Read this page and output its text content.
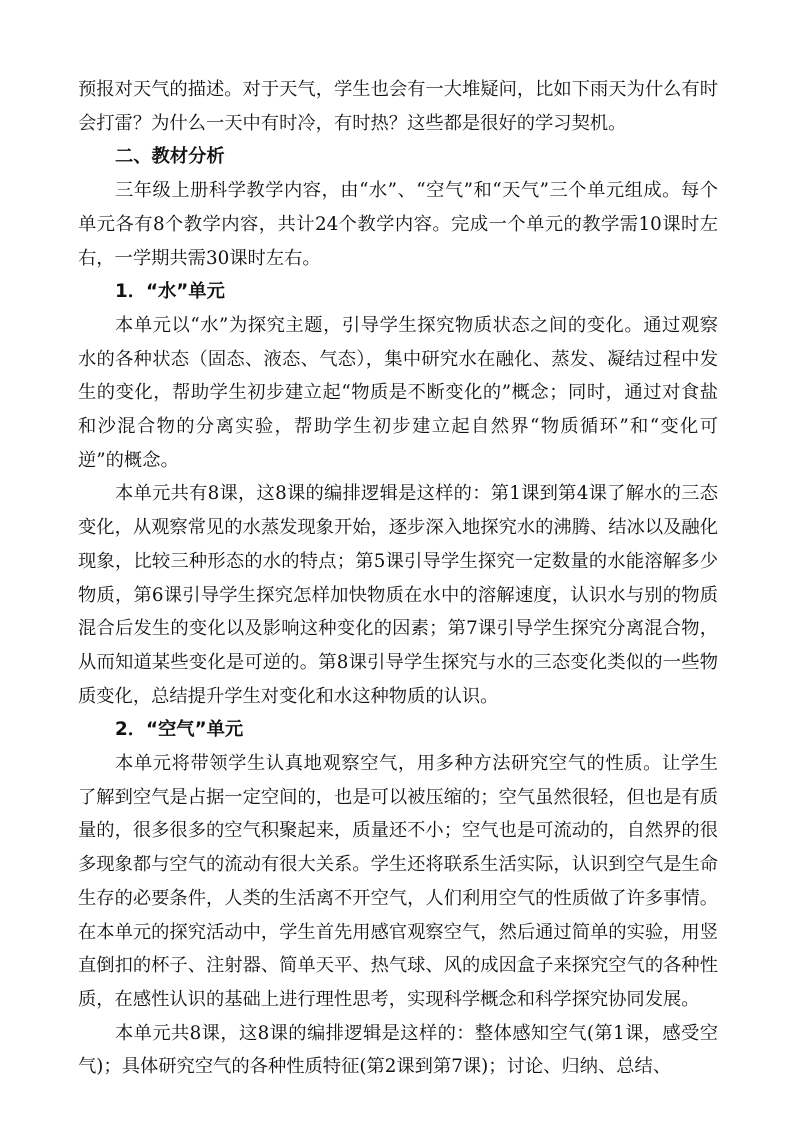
预报对天气的描述。对于天气，学生也会有一大堆疑问，比如下雨天为什么有时会打雷？为什么一天中有时冷，有时热？这些都是很好的学习契机。

二、教材分析

三年级上册科学教学内容，由“水”、“空气”和“天气”三个单元组成。每个单元各有8个教学内容，共计24个教学内容。完成一个单元的教学需10课时左右，一学期共需30课时左右。

1．“水”单元

本单元以“水”为探究主题，引导学生探究物质状态之间的变化。通过观察水的各种状态（固态、液态、气态），集中研究水在融化、蒸发、凝结过程中发生的变化，帮助学生初步建立起“物质是不断变化的”概念；同时，通过对食盐和沙混合物的分离实验，帮助学生初步建立起自然界“物质循环”和“变化可逆”的概念。

本单元共有8课，这8课的编排逻辑是这样的：第1课到第4课了解水的三态变化，从观察常见的水蒸发现象开始，逐步深入地探究水的沸腾、结冰以及融化现象，比较三种形态的水的特点；第5课引导学生探究一定数量的水能溶解多少物质，第6课引导学生探究怎样加快物质在水中的溶解速度，认识水与别的物质混合后发生的变化以及影响这种变化的因素；第7课引导学生探究分离混合物，从而知道某些变化是可逆的。第8课引导学生探究与水的三态变化类似的一些物质变化，总结提升学生对变化和水这种物质的认识。

2．“空气”单元

本单元将带领学生认真地观察空气，用多种方法研究空气的性质。让学生了解到空气是占据一定空间的，也是可以被压缩的；空气虽然很轻，但也是有质量的，很多很多的空气积聚起来，质量还不小；空气也是可流动的，自然界的很多现象都与空气的流动有很大关系。学生还将联系生活实际，认识到空气是生命生存的必要条件，人类的生活离不开空气，人们利用空气的性质做了许多事情。在本单元的探究活动中，学生首先用感官观察空气，然后通过简单的实验，用竖直倒扣的杯子、注射器、简单天平、热气球、风的成因盒子来探究空气的各种性质，在感性认识的基础上进行理性思考，实现科学概念和科学探究协同发展。

本单元共8课，这8课的编排逻辑是这样的：整体感知空气(第1课，感受空气)；具体研究空气的各种性质特征(第2课到第7课)；讨论、归纳、总结、
